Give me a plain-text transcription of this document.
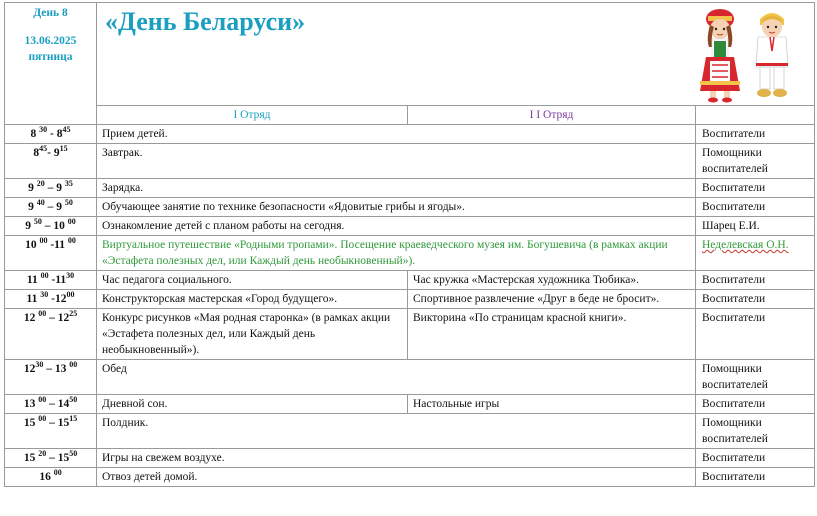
День 8
13.06.2025
пятница	«День Беларуси»		

	I Отряд	I I Отряд	
8 $^{30} - 8^{45}$	Прием детей.		Воспитатели
$8^{45}-$ $9^{15}$	Завтрак.		Помощники воспитателей
9 $^{20}$ – 9 $^{35}$	Зарядка.		Воспитатели
9 $^{40}$ – 9 $^{50}$	Обучающее занятие по технике безопасности «Ядовитые грибы и ягоды».		Воспитатели
9 $^{50}$ – 10 $^{00}$	Ознакомление детей с планом работы на сегодня.		Шарец Е.И.
10 $^{00}$ -11 $^{00}$	Виртуальное путешествие «Родными тропами». Посещение краеведческого музея им. Богушевича (в рамках акции «Эстафета полезных дел, или Каждый день необыкновенный»).		Неделевская О.Н.
11 $^{00}$ $-11^{30}$	Час педагога социального.	Час кружка «Мастерская художника Тюбика».	Воспитатели
11 $^{30}$ $-12^{00}$	Конструкторская мастерская «Город будущего».	Спортивное развлечение «Друг в беде не бросит».	Воспитатели
12 $^{00} - 12^{25}$	Конкурс рисунков «Мая родная старонка» (в рамках акции «Эстафета полезных дел, или Каждый день необыкновенный»).	Викторина «По страницам красной книги».	Воспитатели
$12^{30} - 13$ $^{00}$	Обед		Помощники воспитателей
13 $^{00} - 14^{50}$	Дневной сон.	Настольные игры	Воспитатели
15 $^{00} - 15^{15}$	Полдник.		Помощники воспитателей
15 $^{20} - 15^{50}$	Игры на свежем воздухе.		Воспитатели
16 $^{00}$	Отвоз детей домой.		Воспитатели
